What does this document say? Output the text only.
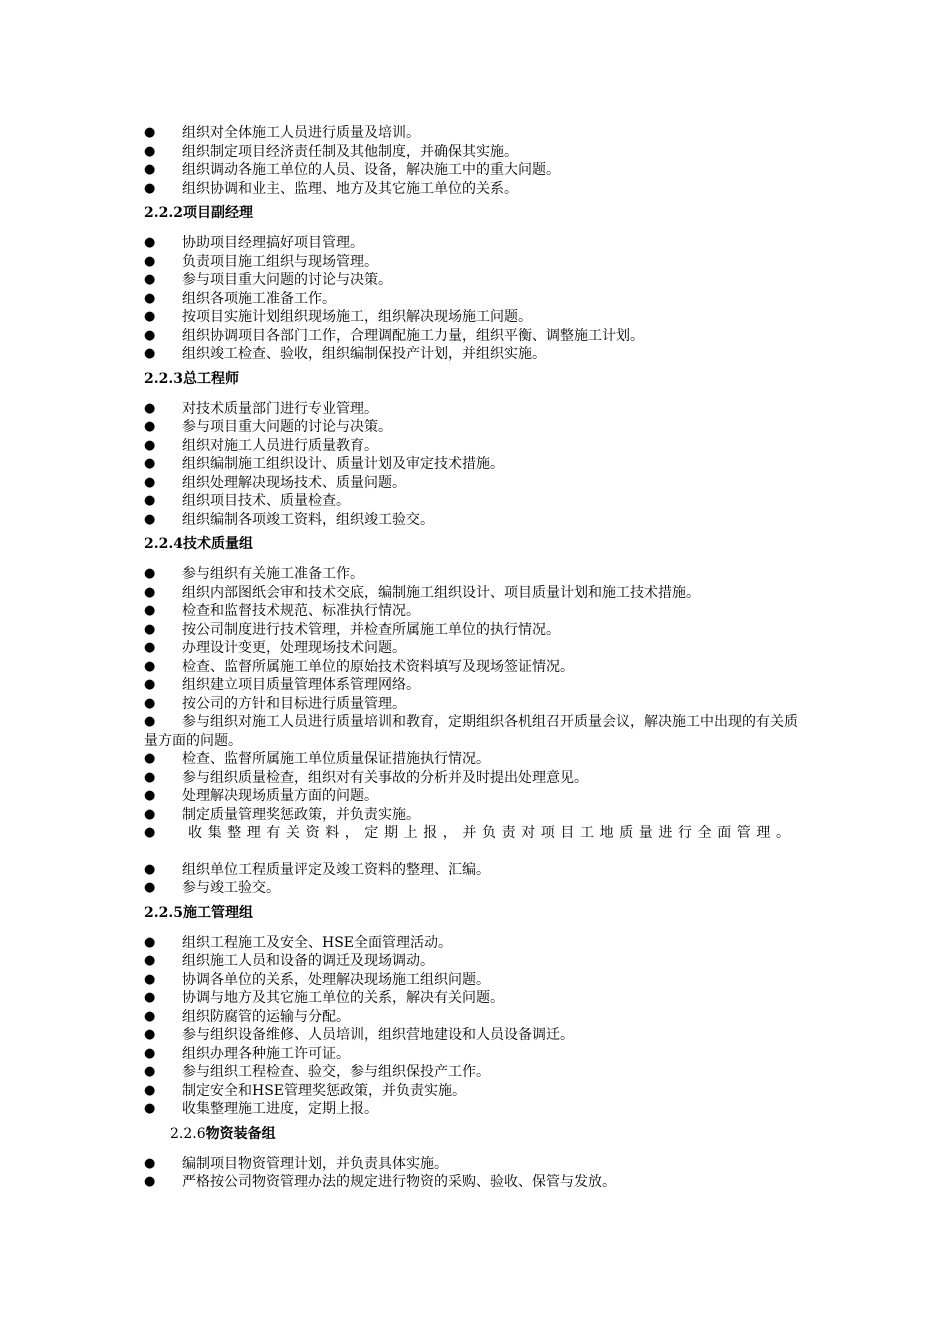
● 组织对全体施工人员进行质量及培训。
● 组织制定项目经济责任制及其他制度，并确保其实施。
● 组织调动各施工单位的人员、设备，解决施工中的重大问题。
● 组织协调和业主、监理、地方及其它施工单位的关系。
2.2.2项目副经理
● 协助项目经理搞好项目管理。
● 负责项目施工组织与现场管理。
● 参与项目重大问题的讨论与决策。
● 组织各项施工准备工作。
● 按项目实施计划组织现场施工，组织解决现场施工问题。
● 组织协调项目各部门工作，合理调配施工力量，组织平衡、调整施工计划。
● 组织竣工检查、验收，组织编制保投产计划，并组织实施。
2.2.3总工程师
● 对技术质量部门进行专业管理。
● 参与项目重大问题的讨论与决策。
● 组织对施工人员进行质量教育。
● 组织编制施工组织设计、质量计划及审定技术措施。
● 组织处理解决现场技术、质量问题。
● 组织项目技术、质量检查。
● 组织编制各项竣工资料，组织竣工验交。
2.2.4技术质量组
● 参与组织有关施工准备工作。
● 组织内部图纸会审和技术交底，编制施工组织设计、项目质量计划和施工技术措施。
● 检查和监督技术规范、标准执行情况。
● 按公司制度进行技术管理，并检查所属施工单位的执行情况。
● 办理设计变更，处理现场技术问题。
● 检查、监督所属施工单位的原始技术资料填写及现场签证情况。
● 组织建立项目质量管理体系管理网络。
● 按公司的方针和目标进行质量管理。
●	参与组织对施工人员进行质量培训和教育，定期组织各机组召开质量会议，解决施工中出现的有关质量方面的问题。
● 检查、监督所属施工单位质量保证措施执行情况。
● 参与组织质量检查，组织对有关事故的分析并及时提出处理意见。
● 处理解决现场质量方面的问题。
● 制定质量管理奖惩政策，并负责实施。
● 收集整理有关资料，定期上报，并负责对项目工地质量进行全面管理。
● 组织单位工程质量评定及竣工资料的整理、汇编。
● 参与竣工验交。
2.2.5施工管理组
● 组织工程施工及安全、HSE全面管理活动。
● 组织施工人员和设备的调迁及现场调动。
● 协调各单位的关系，处理解决现场施工组织问题。
● 协调与地方及其它施工单位的关系，解决有关问题。
● 组织防腐管的运输与分配。
● 参与组织设备维修、人员培训，组织营地建设和人员设备调迁。
● 组织办理各种施工许可证。
● 参与组织工程检查、验交，参与组织保投产工作。
● 制定安全和HSE管理奖惩政策，并负责实施。
● 收集整理施工进度，定期上报。
2.2.6物资装备组
● 编制项目物资管理计划，并负责具体实施。
● 严格按公司物资管理办法的规定进行物资的采购、验收、保管与发放。
